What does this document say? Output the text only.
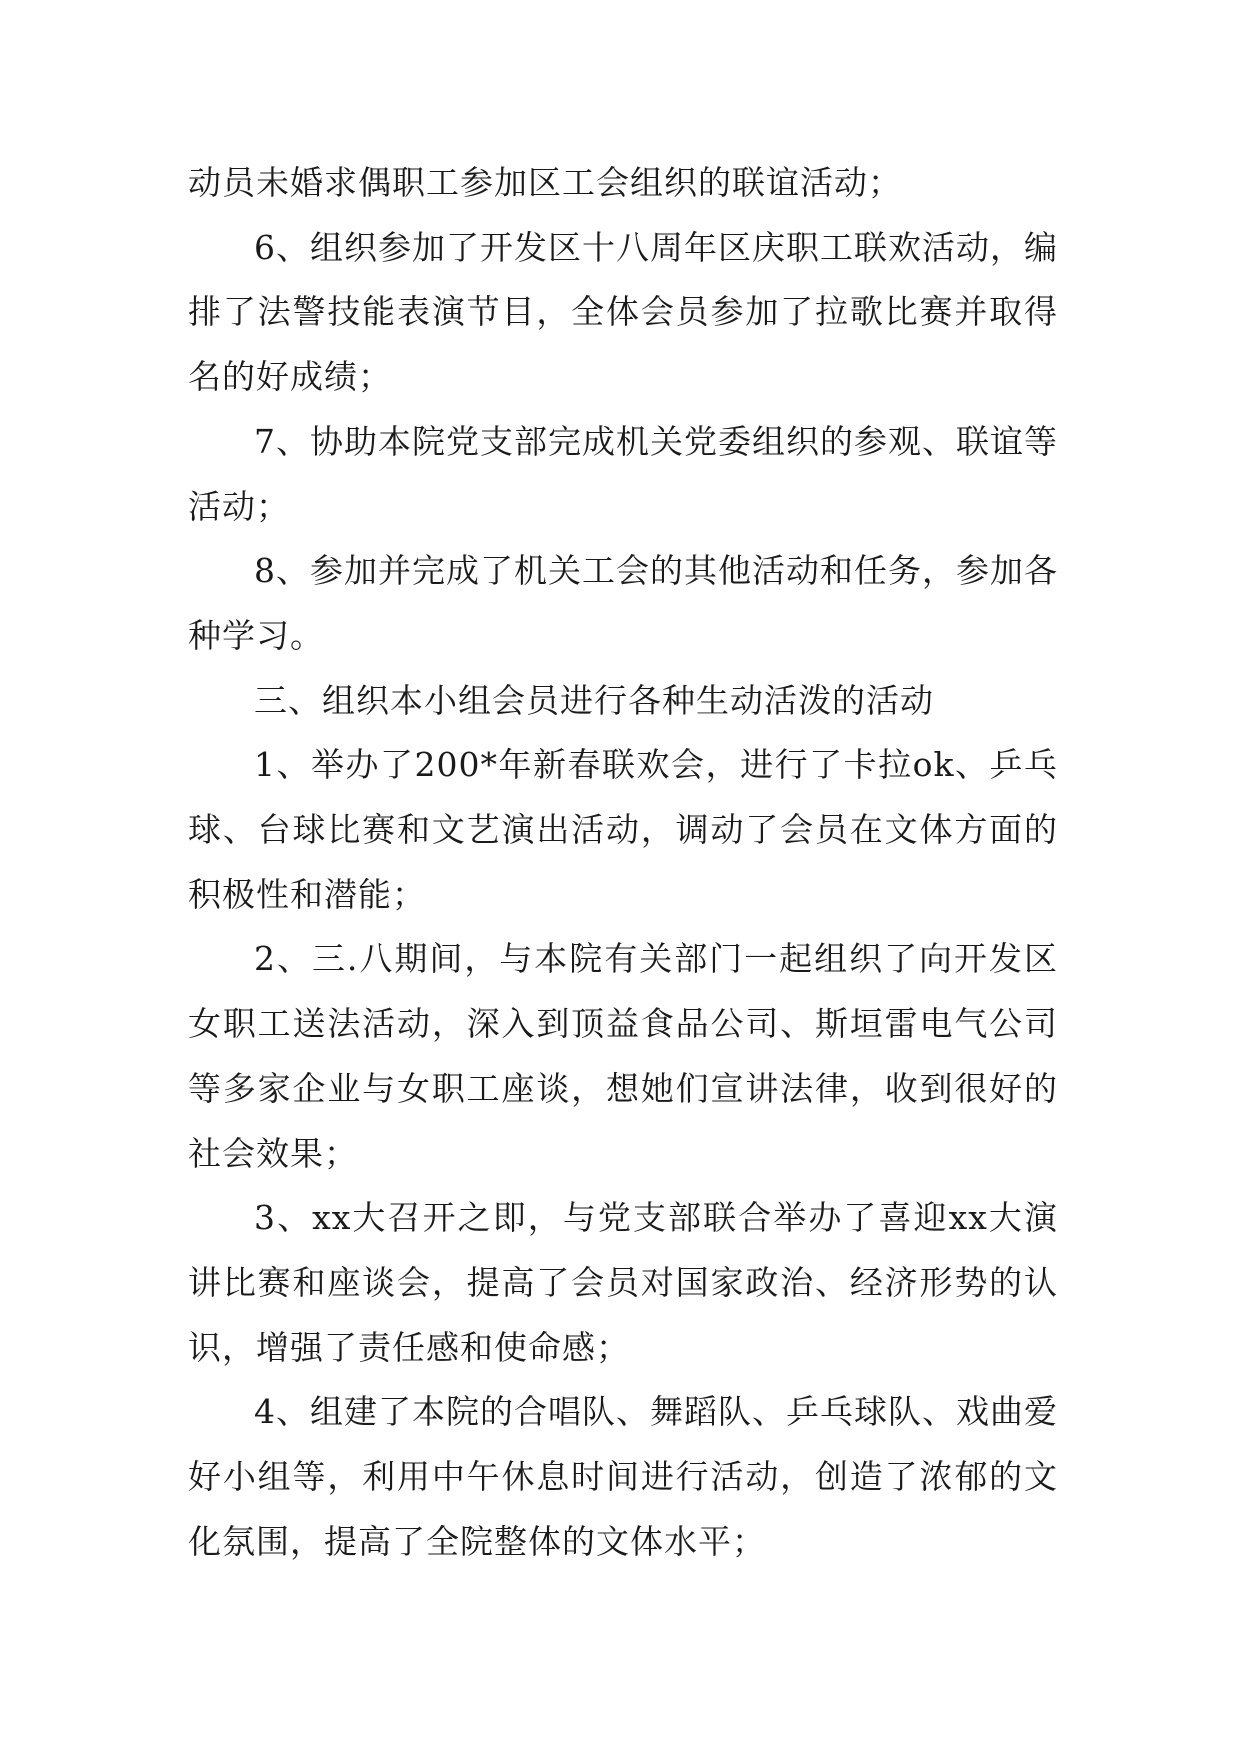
动员未婚求偶职工参加区工会组织的联谊活动；

6、组织参加了开发区十八周年区庆职工联欢活动，编排了法警技能表演节目，全体会员参加了拉歌比赛并取得名的好成绩；

7、协助本院党支部完成机关党委组织的参观、联谊等活动；

8、参加并完成了机关工会的其他活动和任务，参加各种学习。

三、组织本小组会员进行各种生动活泼的活动

1、举办了200*年新春联欢会，进行了卡拉ok、乒乓球、台球比赛和文艺演出活动，调动了会员在文体方面的积极性和潜能；

2、三.八期间，与本院有关部门一起组织了向开发区女职工送法活动，深入到顶益食品公司、斯垣雷电气公司等多家企业与女职工座谈，想她们宣讲法律，收到很好的社会效果；

3、xx大召开之即，与党支部联合举办了喜迎xx大演讲比赛和座谈会，提高了会员对国家政治、经济形势的认识，增强了责任感和使命感；

4、组建了本院的合唱队、舞蹈队、乒乓球队、戏曲爱好小组等，利用中午休息时间进行活动，创造了浓郁的文化氛围，提高了全院整体的文体水平；
